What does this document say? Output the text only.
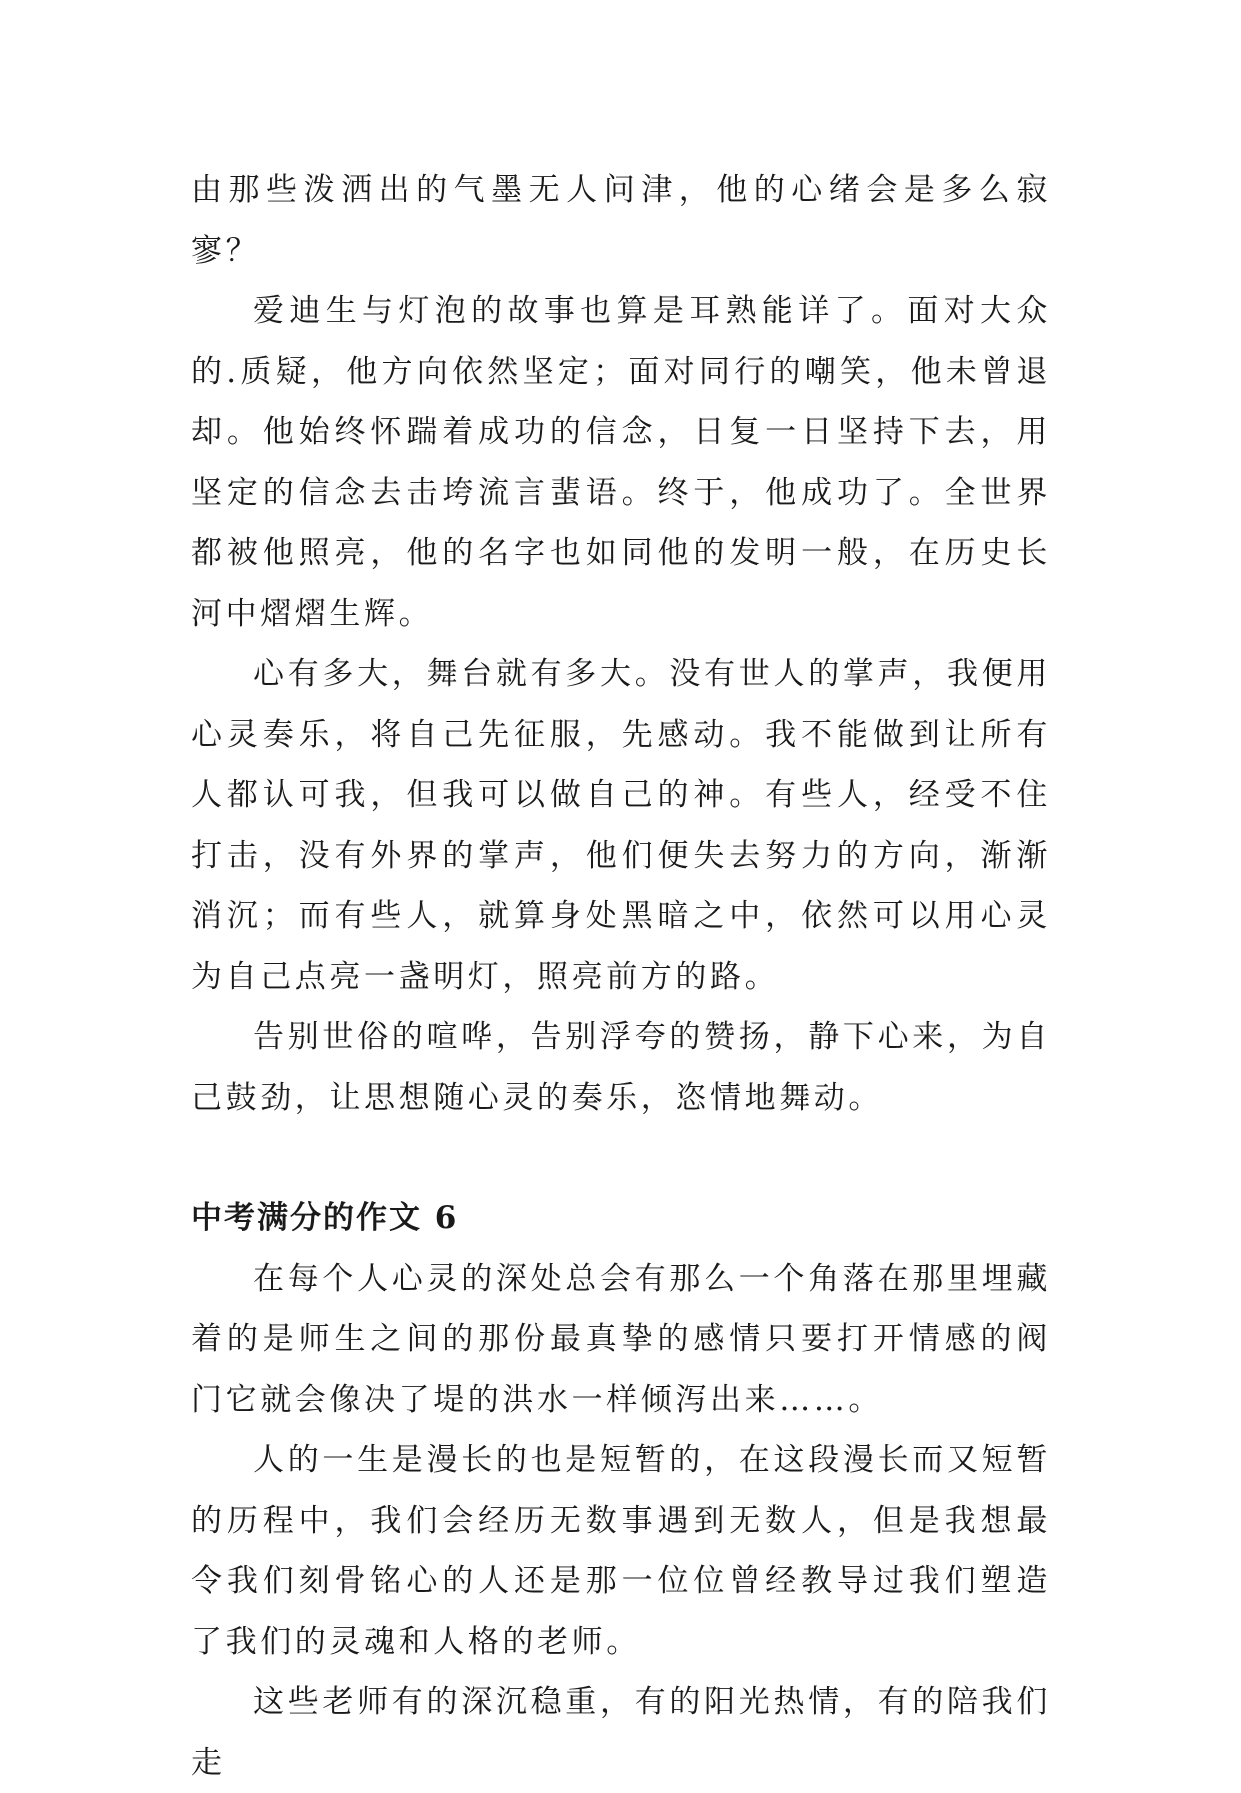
由那些泼洒出的气墨无人问津，他的心绪会是多么寂寥？

爱迪生与灯泡的故事也算是耳熟能详了。面对大众的.质疑，他方向依然坚定；面对同行的嘲笑，他未曾退却。他始终怀踹着成功的信念，日复一日坚持下去，用坚定的信念去击垮流言蜚语。终于，他成功了。全世界都被他照亮，他的名字也如同他的发明一般，在历史长河中熠熠生辉。

心有多大，舞台就有多大。没有世人的掌声，我便用心灵奏乐，将自己先征服，先感动。我不能做到让所有人都认可我，但我可以做自己的神。有些人，经受不住打击，没有外界的掌声，他们便失去努力的方向，渐渐消沉；而有些人，就算身处黑暗之中，依然可以用心灵为自己点亮一盏明灯，照亮前方的路。

告别世俗的喧哗，告别浮夸的赞扬，静下心来，为自己鼓劲，让思想随心灵的奏乐，恣情地舞动。

中考满分的作文 6

在每个人心灵的深处总会有那么一个角落在那里埋藏着的是师生之间的那份最真挚的感情只要打开情感的阀门它就会像决了堤的洪水一样倾泻出来……。

人的一生是漫长的也是短暂的，在这段漫长而又短暂的历程中，我们会经历无数事遇到无数人，但是我想最令我们刻骨铭心的人还是那一位位曾经教导过我们塑造了我们的灵魂和人格的老师。

这些老师有的深沉稳重，有的阳光热情，有的陪我们走
